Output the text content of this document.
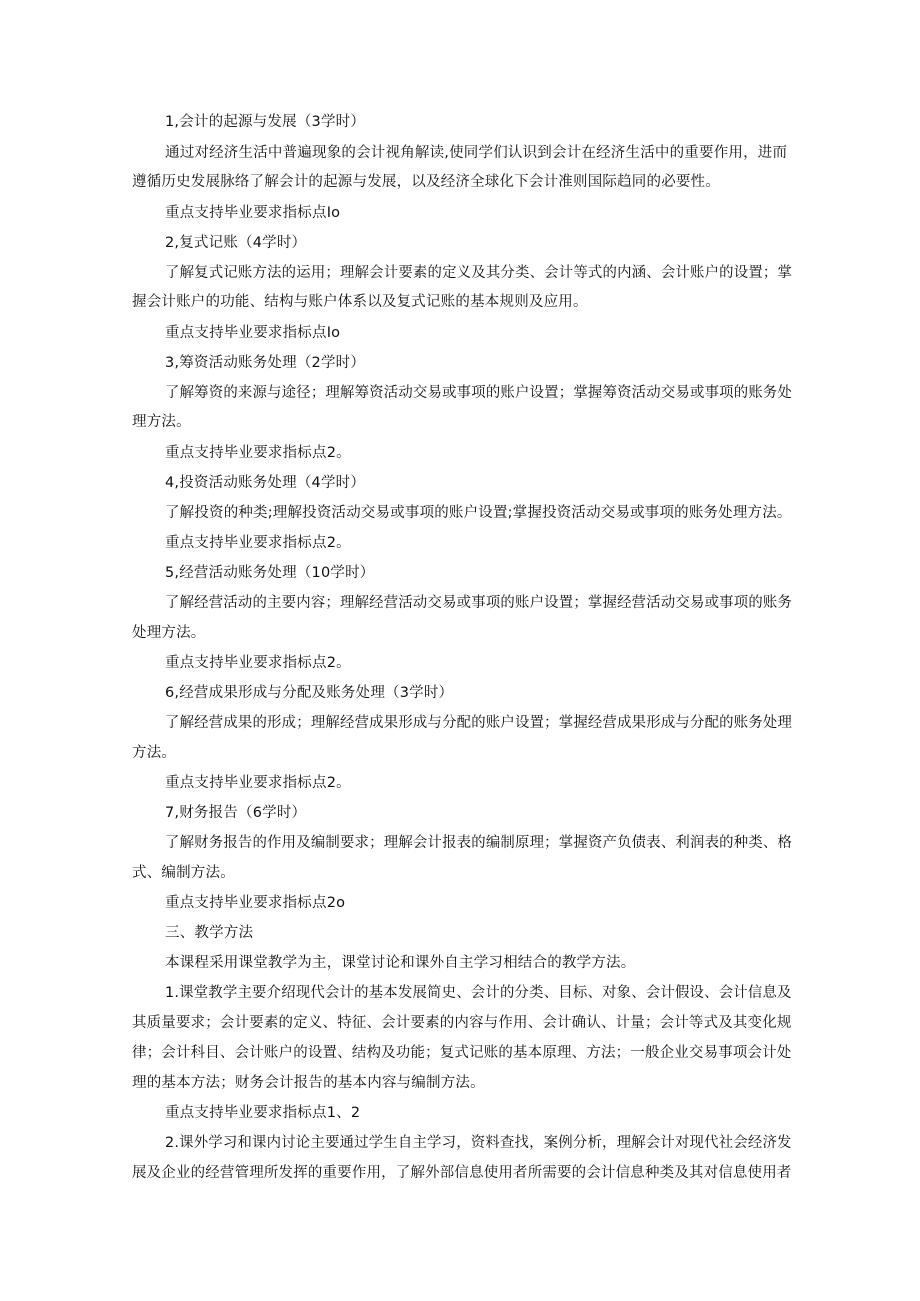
1,会计的起源与发展（3学时）
通过对经济生活中普遍现象的会计视角解读,使同学们认识到会计在经济生活中的重要作用，进而
遵循历史发展脉络了解会计的起源与发展，以及经济全球化下会计准则国际趋同的必要性。
重点支持毕业要求指标点Io
2,复式记账（4学时）
了解复式记账方法的运用；理解会计要素的定义及其分类、会计等式的内涵、会计账户的设置；掌
握会计账户的功能、结构与账户体系以及复式记账的基本规则及应用。
重点支持毕业要求指标点Io
3,筹资活动账务处理（2学时）
了解筹资的来源与途径；理解筹资活动交易或事项的账户设置；掌握筹资活动交易或事项的账务处
理方法。
重点支持毕业要求指标点2。
4,投资活动账务处理（4学时）
了解投资的种类;理解投资活动交易或事项的账户设置;掌握投资活动交易或事项的账务处理方法。
重点支持毕业要求指标点2。
5,经营活动账务处理（10学时）
了解经营活动的主要内容；理解经营活动交易或事项的账户设置；掌握经营活动交易或事项的账务
处理方法。
重点支持毕业要求指标点2。
6,经营成果形成与分配及账务处理（3学时）
了解经营成果的形成；理解经营成果形成与分配的账户设置；掌握经营成果形成与分配的账务处理
方法。
重点支持毕业要求指标点2。
7,财务报告（6学时）
了解财务报告的作用及编制要求；理解会计报表的编制原理；掌握资产负债表、利润表的种类、格
式、编制方法。
重点支持毕业要求指标点2o
三、教学方法
本课程采用课堂教学为主，课堂讨论和课外自主学习相结合的教学方法。
1.课堂教学主要介绍现代会计的基本发展简史、会计的分类、目标、对象、会计假设、会计信息及
其质量要求；会计要素的定义、特征、会计要素的内容与作用、会计确认、计量；会计等式及其变化规
律；会计科目、会计账户的设置、结构及功能；复式记账的基本原理、方法；一般企业交易事项会计处
理的基本方法；财务会计报告的基本内容与编制方法。
重点支持毕业要求指标点1、2
2.课外学习和课内讨论主要通过学生自主学习，资料查找，案例分析，理解会计对现代社会经济发
展及企业的经营管理所发挥的重要作用，了解外部信息使用者所需要的会计信息种类及其对信息使用者
